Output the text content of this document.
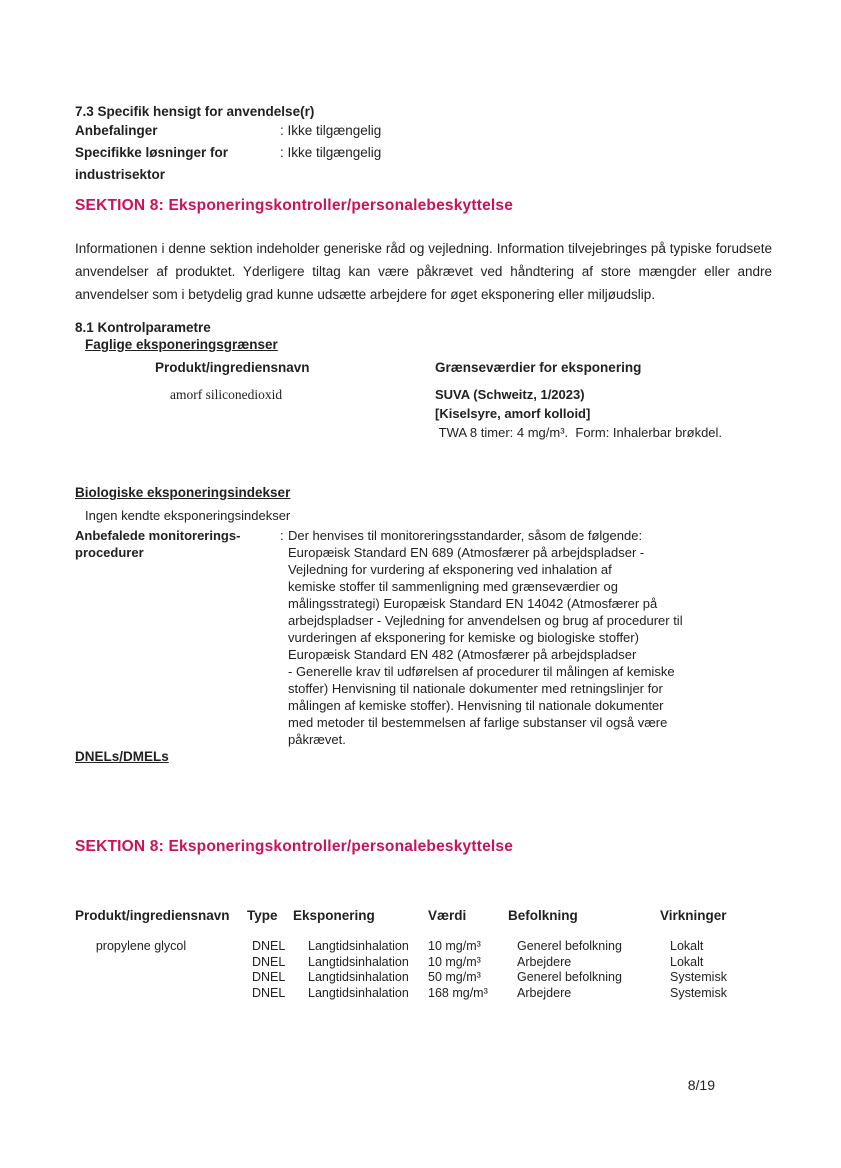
7.3 Specifik hensigt for anvendelse(r)
Anbefalinger	: Ikke tilgængelig
Specifikke løsninger for industrisektor
: Ikke tilgængelig
SEKTION 8: Eksponeringskontroller/personalebeskyttelse
Informationen i denne sektion indeholder generiske råd og vejledning. Information tilvejebringes på typiske forudsete anvendelser af produktet. Yderligere tiltag kan være påkrævet ved håndtering af store mængder eller andre anvendelser som i betydelig grad kunne udsætte arbejdere for øget eksponering eller miljøudslip.
8.1 Kontrolparametre
Faglige eksponeringsgrænser
Produkt/ingrediensnavn	Grænseværdier for eksponering
amorf siliconedioxid	SUVA (Schweitz, 1/2023)
[Kiselsyre, amorf kolloid]
TWA 8 timer: 4 mg/m³.  Form: Inhalerbar brøkdel.
Biologiske eksponeringsindekser
Ingen kendte eksponeringsindekser
Anbefalede monitorerings-procedurer
: Der henvises til monitoreringsstandarder, såsom de følgende:
Europæisk Standard EN 689 (Atmosfærer på arbejdspladser -
Vejledning for vurdering af eksponering ved inhalation af
kemiske stoffer til sammenligning med grænseværdier og
målingsstrategi) Europæisk Standard EN 14042 (Atmosfærer på
arbejdspladser - Vejledning for anvendelsen og brug af procedurer til
vurderingen af eksponering for kemiske og biologiske stoffer)
Europæisk Standard EN 482 (Atmosfærer på arbejdspladser
- Generelle krav til udførelsen af procedurer til målingen af kemiske
stoffer) Henvisning til nationale dokumenter med retningslinjer for
målingen af kemiske stoffer). Henvisning til nationale dokumenter
med metoder til bestemmelsen af farlige substanser vil også være
påkrævet.
DNELs/DMELs
SEKTION 8: Eksponeringskontroller/personalebeskyttelse
Produkt/ingrediensnavn	Type	Eksponering	Værdi	Befolkning	Virkninger
propylene glycol	DNEL	Langtidsinhalation	10 mg/m³	Generel befolkning	Lokalt
DNEL	Langtidsinhalation	10 mg/m³	Arbejdere	Lokalt
DNEL	Langtidsinhalation	50 mg/m³	Generel befolkning	Systemisk
DNEL	Langtidsinhalation	168 mg/m³	Arbejdere	Systemisk
8/19
